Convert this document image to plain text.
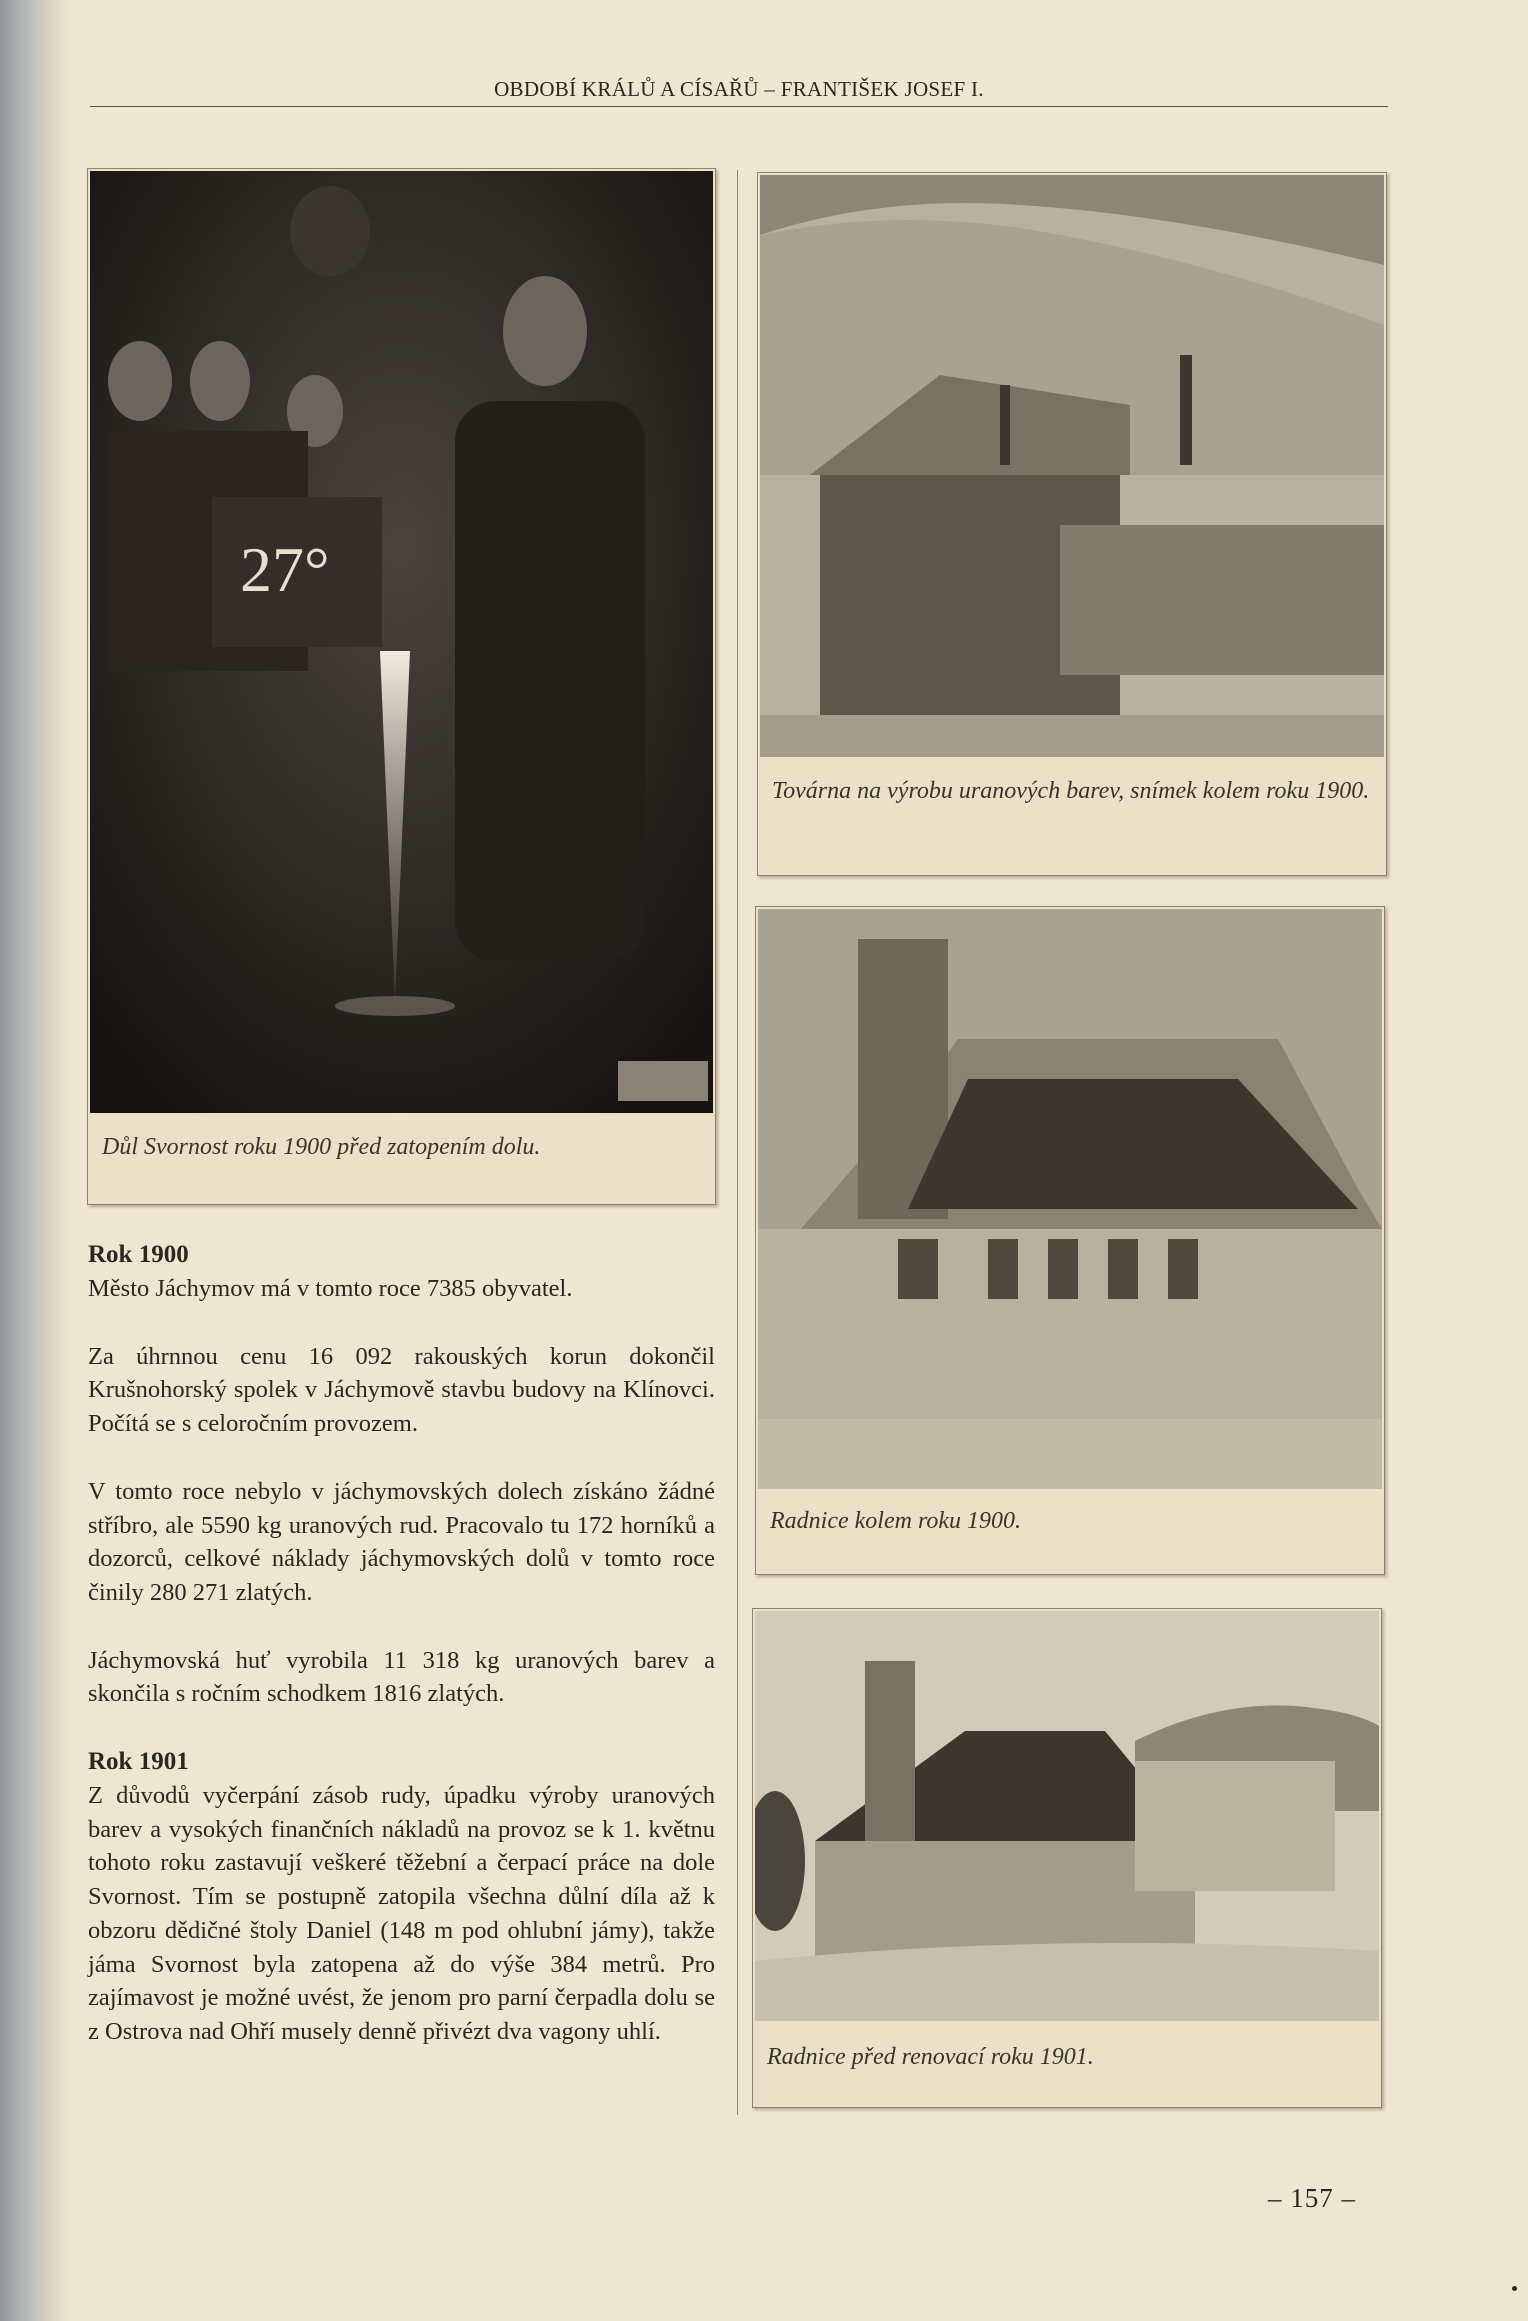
OBDOBÍ KRÁLŮ A CÍSAŘŮ – FRANTIŠEK JOSEF I.
27°
Důl Svornost roku 1900 před zatopením dolu.
Továrna na výrobu uranových barev, snímek kolem roku 1900.
Radnice kolem roku 1900.
Radnice před renovací roku 1901.
Rok 1900

Město Jáchymov má v tomto roce 7385 obyvatel.

Za úhrnnou cenu 16 092 rakouských korun dokončil Krušnohorský spolek v Jáchymově stavbu budovy na Klínovci. Počítá se s celoročním provozem.

V tomto roce nebylo v jáchymovských dolech získáno žádné stříbro, ale 5590 kg uranových rud. Pracovalo tu 172 horníků a dozorců, celkové náklady jáchymovských dolů v tomto roce činily 280 271 zlatých.

Jáchymovská huť vyrobila 11 318 kg uranových barev a skončila s ročním schodkem 1816 zlatých.

Rok 1901

Z důvodů vyčerpání zásob rudy, úpadku výroby uranových barev a vysokých finančních nákladů na provoz se k 1. květnu tohoto roku zastavují veškeré těžební a čerpací práce na dole Svornost. Tím se postupně zatopila všechna důlní díla až k obzoru dědičné štoly Daniel (148 m pod ohlubní jámy), takže jáma Svornost byla zatopena až do výše 384 metrů. Pro zajímavost je možné uvést, že jenom pro parní čerpadla dolu se z Ostrova nad Ohří musely denně přivézt dva vagony uhlí.

– 157 –
